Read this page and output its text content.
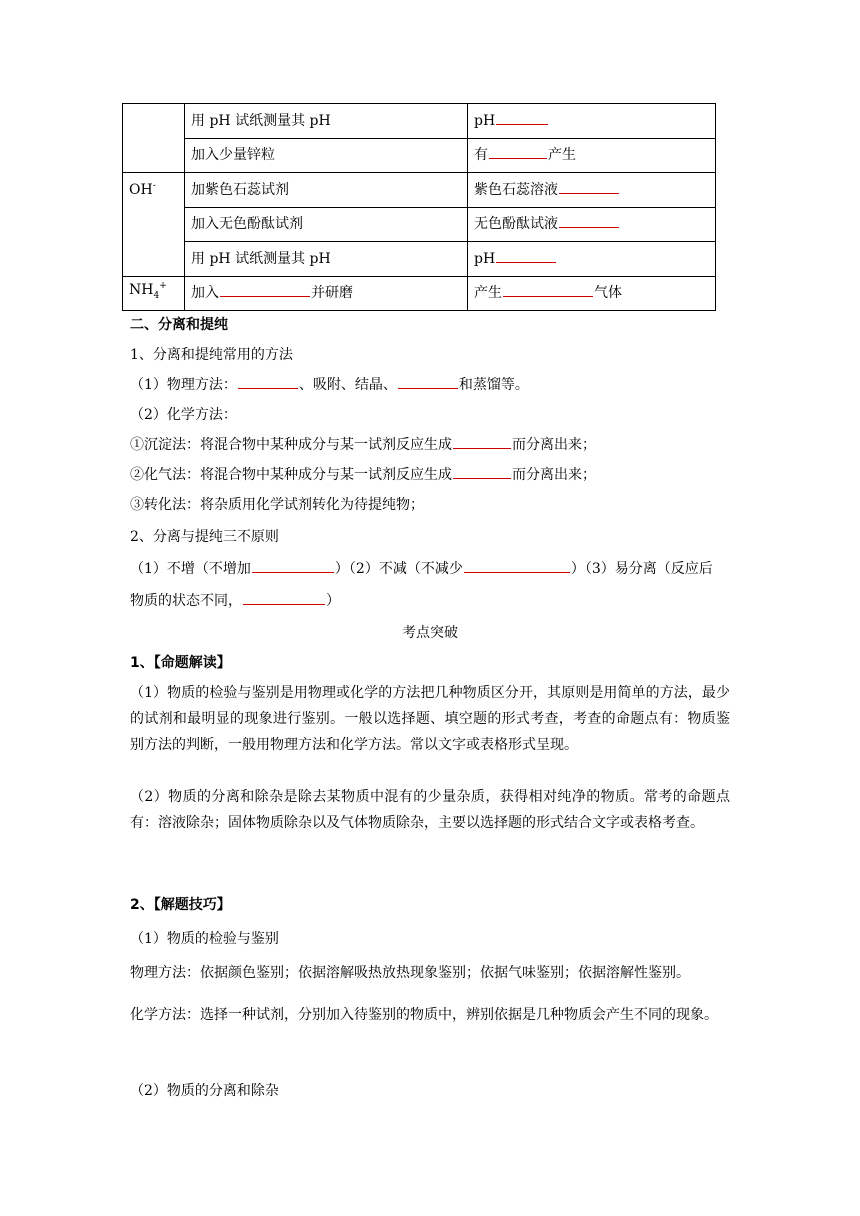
	用 pH 试纸测量其 pH	pH
	加入少量锌粒	有 产生
OH-	加紫色石蕊试剂	紫色石蕊溶液
	加入无色酚酞试剂	无色酚酞试液
	用 pH 试纸测量其 pH	pH
$NH_4^+$	加入 并研磨	产生 气体
二、分离和提纯
1、分离和提纯常用的方法
（1）物理方法：	、吸附、结晶、	和蒸馏等。
（2）化学方法：
①沉淀法：将混合物中某种成分与某一试剂反应生成	而分离出来；
②化气法：将混合物中某种成分与某一试剂反应生成	而分离出来；
③转化法：将杂质用化学试剂转化为待提纯物；
2、分离与提纯三不原则
（1）不增（不增加	）（2）不减（不减少	）（3）易分离（反应后
物质的状态不同，	）
考点突破
1、【命题解读】
（1）物质的检验与鉴别是用物理或化学的方法把几种物质区分开，其原则是用简单的方法，最少的试剂和最明显的现象进行鉴别。一般以选择题、填空题的形式考查，考查的命题点有：物质鉴别方法的判断，一般用物理方法和化学方法。常以文字或表格形式呈现。
（2）物质的分离和除杂是除去某物质中混有的少量杂质，获得相对纯净的物质。常考的命题点有：溶液除杂；固体物质除杂以及气体物质除杂，主要以选择题的形式结合文字或表格考查。
2、【解题技巧】
（1）物质的检验与鉴别
物理方法：依据颜色鉴别；依据溶解吸热放热现象鉴别；依据气味鉴别；依据溶解性鉴别。
化学方法：选择一种试剂，分别加入待鉴别的物质中，辨别依据是几种物质会产生不同的现象。
（2）物质的分离和除杂
